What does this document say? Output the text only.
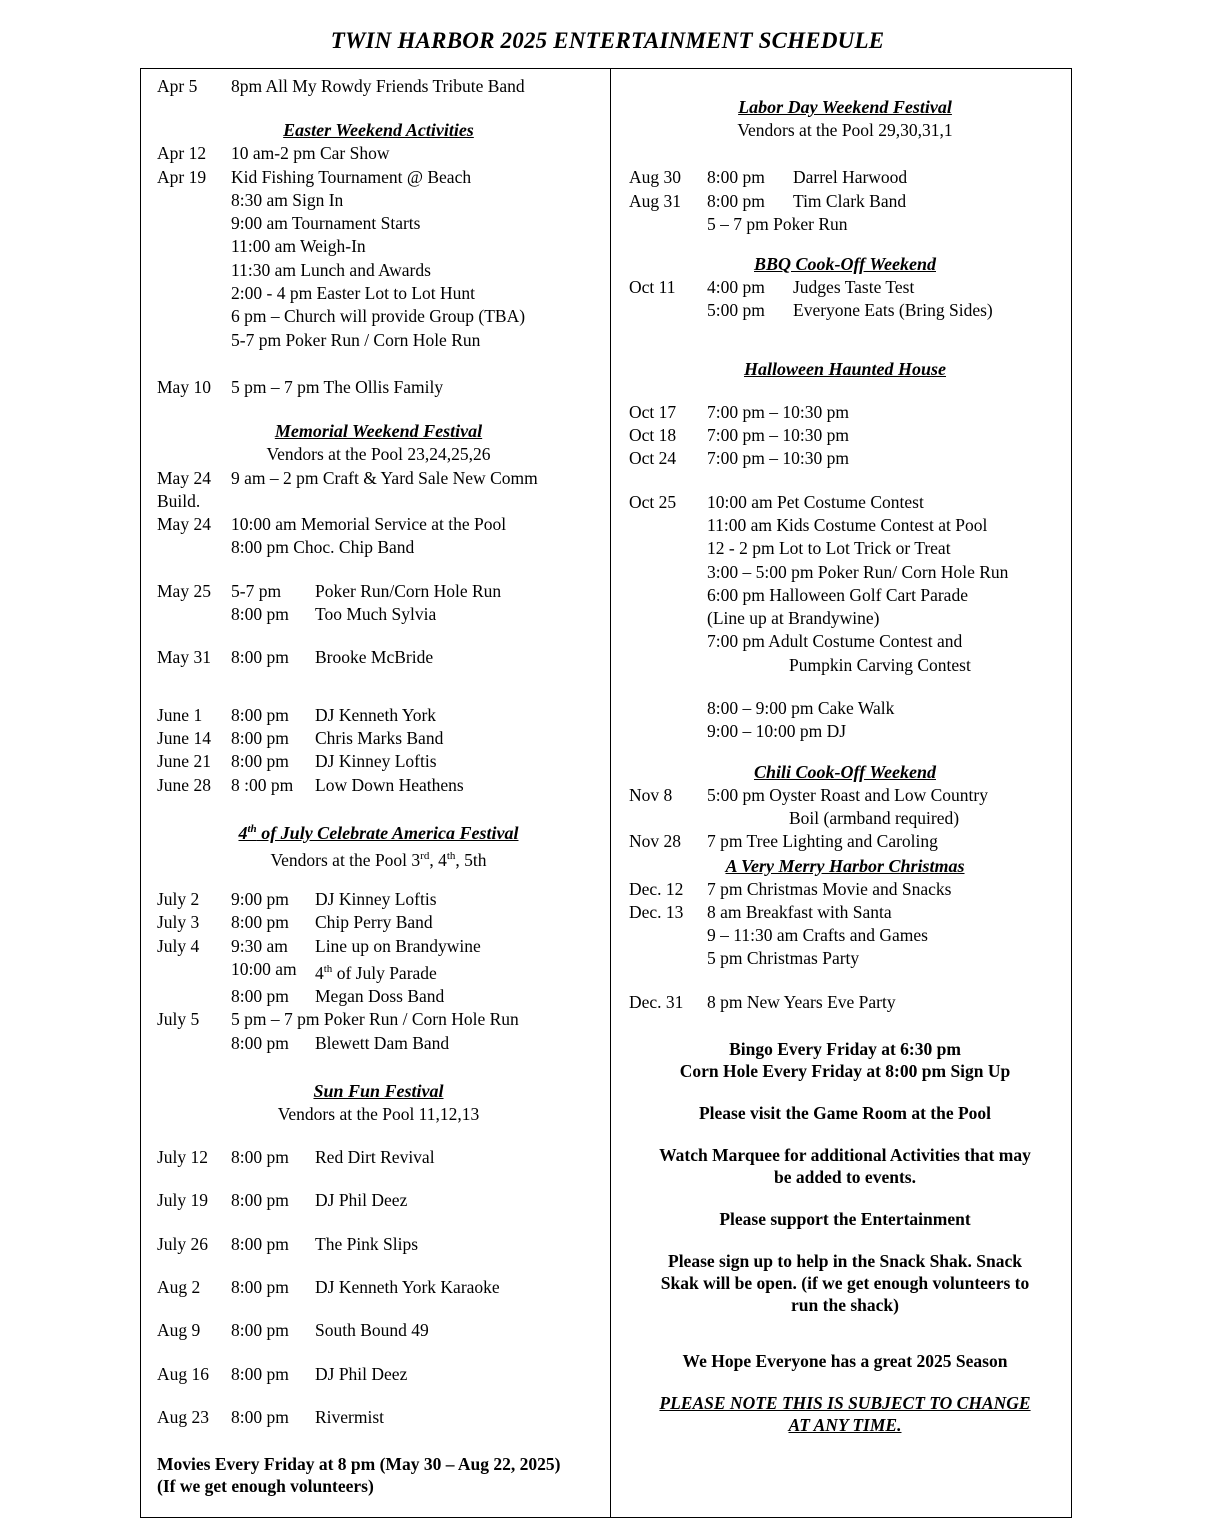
TWIN HARBOR 2025 ENTERTAINMENT SCHEDULE
Apr 5	8pm All My Rowdy Friends Tribute Band
Easter Weekend Activities
Apr 12	10 am-2 pm Car Show
Apr 19	Kid Fishing Tournament @ Beach
8:30 am Sign In
9:00 am Tournament Starts
11:00 am Weigh-In
11:30 am Lunch and Awards
2:00 - 4 pm Easter Lot to Lot Hunt
6 pm – Church will provide Group (TBA)
5-7 pm Poker Run / Corn Hole Run
May 10	5 pm – 7 pm The Ollis Family
Memorial Weekend Festival
Vendors at the Pool 23,24,25,26
May 24	9 am – 2 pm Craft & Yard Sale New Comm
Build.
May 24	10:00 am Memorial Service at the Pool
8:00 pm Choc. Chip Band
May 25	5-7 pm	Poker Run/Corn Hole Run
8:00 pm	Too Much Sylvia
May 31	8:00 pm	Brooke McBride
June 1	8:00 pm	DJ Kenneth York
June 14	8:00 pm	Chris Marks Band
June 21	8:00 pm	DJ Kinney Loftis
June 28	8 :00 pm	Low Down Heathens
4th of July Celebrate America Festival
Vendors at the Pool 3rd, 4th, 5th
July 2	9:00 pm	DJ Kinney Loftis
July 3	8:00 pm	Chip Perry Band
July 4	9:30 am	Line up on Brandywine
10:00 am	4th of July Parade
8:00 pm	Megan Doss Band
July 5	5 pm – 7 pm Poker Run / Corn Hole Run
8:00 pm	Blewett Dam Band
Sun Fun Festival
Vendors at the Pool 11,12,13
July 12	8:00 pm	Red Dirt Revival
July 19	8:00 pm	DJ Phil Deez
July 26	8:00 pm	The Pink Slips
Aug 2	8:00 pm	DJ Kenneth York Karaoke
Aug 9	8:00 pm	South Bound 49
Aug 16	8:00 pm	DJ Phil Deez
Aug 23	8:00 pm	Rivermist
Movies Every Friday at 8 pm (May 30 – Aug 22, 2025)
(If we get enough volunteers)
Labor Day Weekend Festival
Vendors at the Pool 29,30,31,1
Aug 30	8:00 pm	Darrel Harwood
Aug 31	8:00 pm	Tim Clark Band
5 – 7 pm Poker Run
BBQ Cook-Off Weekend
Oct 11	4:00 pm	Judges Taste Test
5:00 pm	Everyone Eats (Bring Sides)
Halloween Haunted House
Oct 17	7:00 pm – 10:30 pm
Oct 18	7:00 pm – 10:30 pm
Oct 24	7:00 pm – 10:30 pm
Oct 25	10:00 am Pet Costume Contest
11:00 am Kids Costume Contest at Pool
12 - 2 pm Lot to Lot Trick or Treat
3:00 – 5:00 pm Poker Run/ Corn Hole Run
6:00 pm Halloween Golf Cart Parade
(Line up at Brandywine)
7:00 pm Adult Costume Contest and
Pumpkin Carving Contest
8:00 – 9:00 pm Cake Walk
9:00 – 10:00 pm DJ
Chili Cook-Off Weekend
Nov 8	5:00 pm Oyster Roast and Low Country
Boil (armband required)
Nov 28	7 pm Tree Lighting and Caroling
A Very Merry Harbor Christmas
Dec. 12	7 pm Christmas Movie and Snacks
Dec. 13	8 am Breakfast with Santa
9 – 11:30 am Crafts and Games
5 pm Christmas Party
Dec. 31	8 pm New Years Eve Party
Bingo Every Friday at 6:30 pm
Corn Hole Every Friday at 8:00 pm Sign Up
Please visit the Game Room at the Pool
Watch Marquee for additional Activities that may
be added to events.
Please support the Entertainment
Please sign up to help in the Snack Shak. Snack
Skak will be open. (if we get enough volunteers to
run the shack)
We Hope Everyone has a great 2025 Season
PLEASE NOTE THIS IS SUBJECT TO CHANGE
AT ANY TIME.
